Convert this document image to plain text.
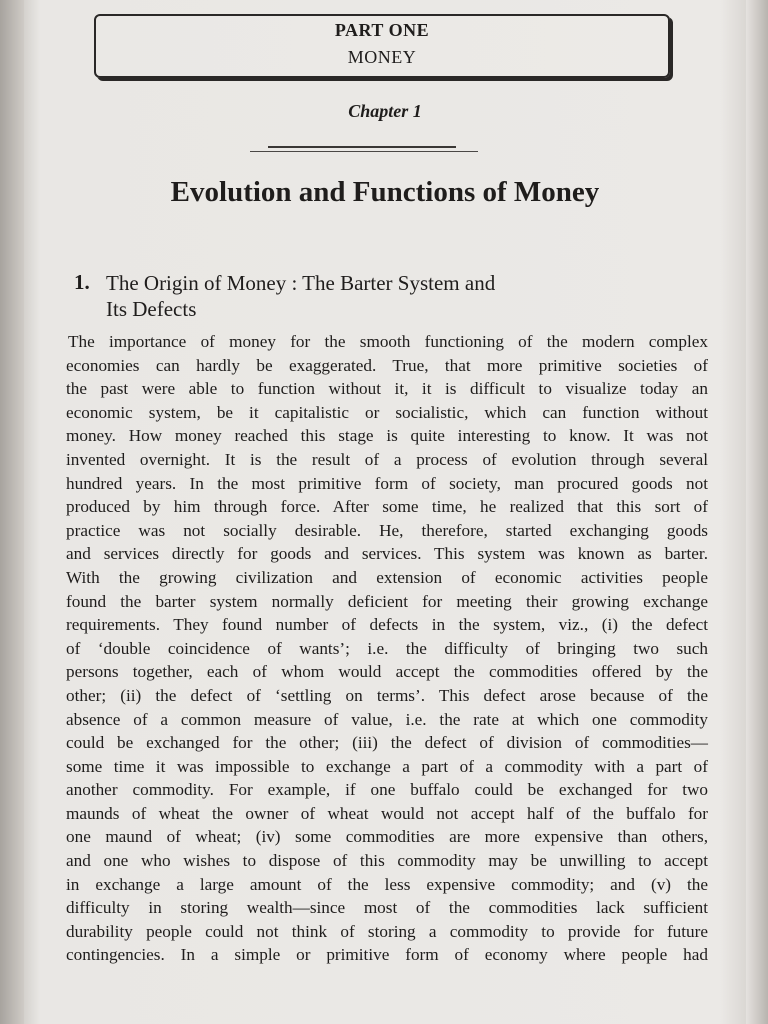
PART ONE
MONEY
Chapter 1
Evolution and Functions of Money
1. The Origin of Money : The Barter System and
Its Defects
The importance of money for the smooth functioning of the modern complex
economies can hardly be exaggerated. True, that more primitive societies of
the past were able to function without it, it is difficult to visualize today an
economic system, be it capitalistic or socialistic, which can function without
money. How money reached this stage is quite interesting to know. It was not
invented overnight. It is the result of a process of evolution through several
hundred years. In the most primitive form of society, man procured goods not
produced by him through force. After some time, he realized that this sort of
practice was not socially desirable. He, therefore, started exchanging goods
and services directly for goods and services. This system was known as barter.
With the growing civilization and extension of economic activities people
found the barter system normally deficient for meeting their growing exchange
requirements. They found number of defects in the system, viz., (i) the defect
of ‘double coincidence of wants’; i.e. the difficulty of bringing two such
persons together, each of whom would accept the commodities offered by the
other; (ii) the defect of ‘settling on terms’. This defect arose because of the
absence of a common measure of value, i.e. the rate at which one commodity
could be exchanged for the other; (iii) the defect of division of commodities—
some time it was impossible to exchange a part of a commodity with a part of
another commodity. For example, if one buffalo could be exchanged for two
maunds of wheat the owner of wheat would not accept half of the buffalo for
one maund of wheat; (iv) some commodities are more expensive than others,
and one who wishes to dispose of this commodity may be unwilling to accept
in exchange a large amount of the less expensive commodity; and (v) the
difficulty in storing wealth—since most of the commodities lack sufficient
durability people could not think of storing a commodity to provide for future
contingencies. In a simple or primitive form of economy where people had
